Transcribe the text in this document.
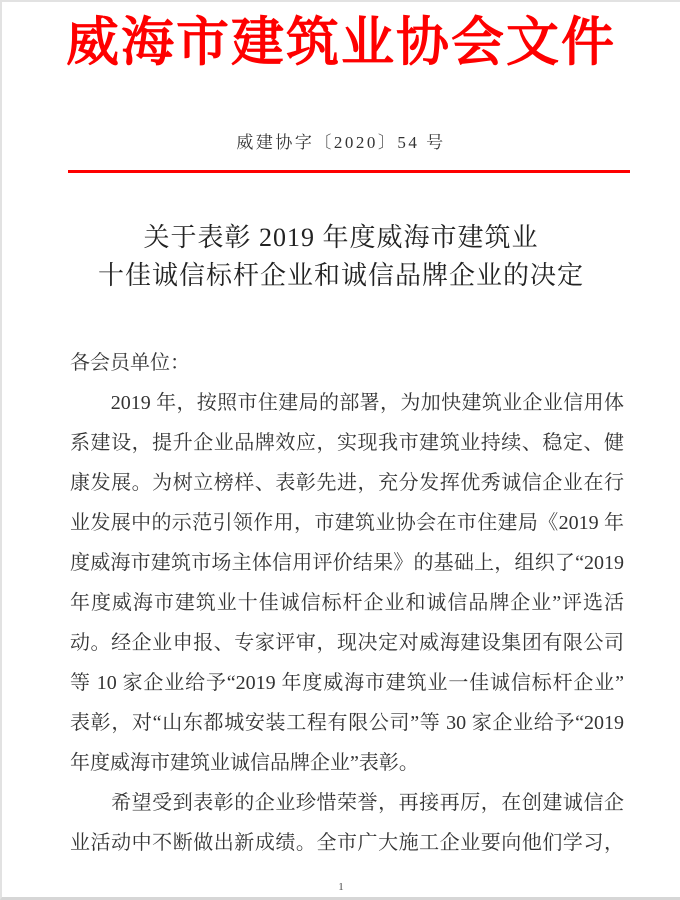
威海市建筑业协会文件
威建协字〔2020〕54 号
关于表彰 2019 年度威海市建筑业
十佳诚信标杆企业和诚信品牌企业的决定
各会员单位：
　　2019 年，按照市住建局的部署，为加快建筑业企业信用体
系建设，提升企业品牌效应，实现我市建筑业持续、稳定、健
康发展。为树立榜样、表彰先进，充分发挥优秀诚信企业在行
业发展中的示范引领作用，市建筑业协会在市住建局《2019 年
度威海市建筑市场主体信用评价结果》的基础上，组织了“2019
年度威海市建筑业十佳诚信标杆企业和诚信品牌企业”评选活
动。经企业申报、专家评审，现决定对威海建设集团有限公司
等 10 家企业给予“2019 年度威海市建筑业一佳诚信标杆企业”
表彰，对“山东都城安装工程有限公司”等 30 家企业给予“2019
年度威海市建筑业诚信品牌企业”表彰。
　　希望受到表彰的企业珍惜荣誉，再接再厉，在创建诚信企
业活动中不断做出新成绩。全市广大施工企业要向他们学习，
1
